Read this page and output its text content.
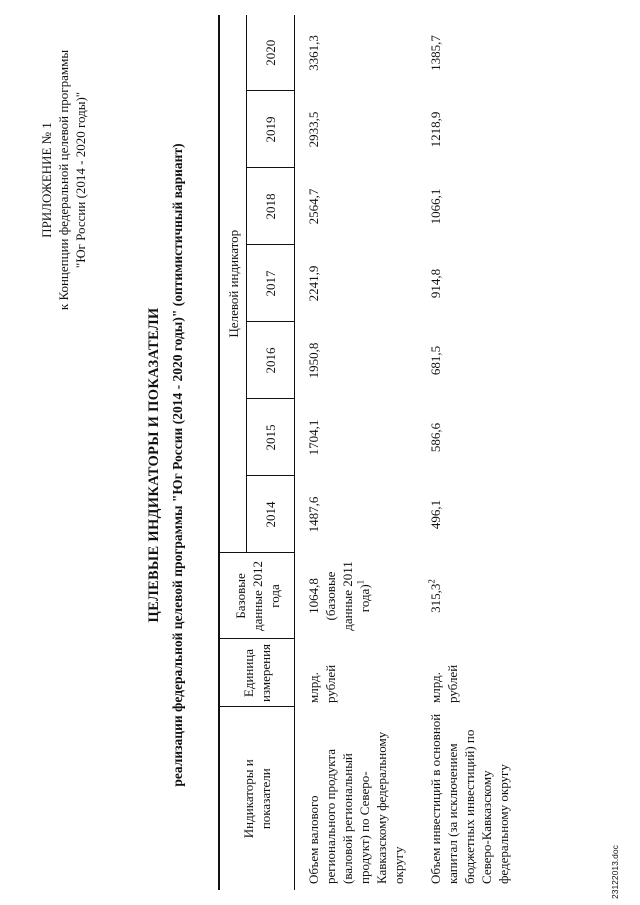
ПРИЛОЖЕНИЕ № 1 к Концепции федеральной целевой программы "Юг России (2014 - 2020 годы)"
ЦЕЛЕВЫЕ ИНДИКАТОРЫ И ПОКАЗАТЕЛИ реализации федеральной целевой программы "Юг России (2014 - 2020 годы)" (оптимистичный вариант)
Индикаторы и показатели	Единица измерения	Базовые данные 2012 года	Целевой индикатор						
			2014	2015	2016	2017	2018	2019	2020
Объем валового регионального продукта (валовой региональный продукт) по Северо-Кавказскому федеральному округу	млрд. рублей	1064,8 (базовые данные 2011 года)$^1$	1487,6	1704,1	1950,8	2241,9	2564,7	2933,5	3361,3
Объем инвестиций в основной капитал (за исключением бюджетных инвестиций) по Северо-Кавказскому федеральному округу	млрд. рублей	315,3$^2$	496,1	586,6	681,5	914,8	1066,1	1218,9	1385,7
23122013.doc
